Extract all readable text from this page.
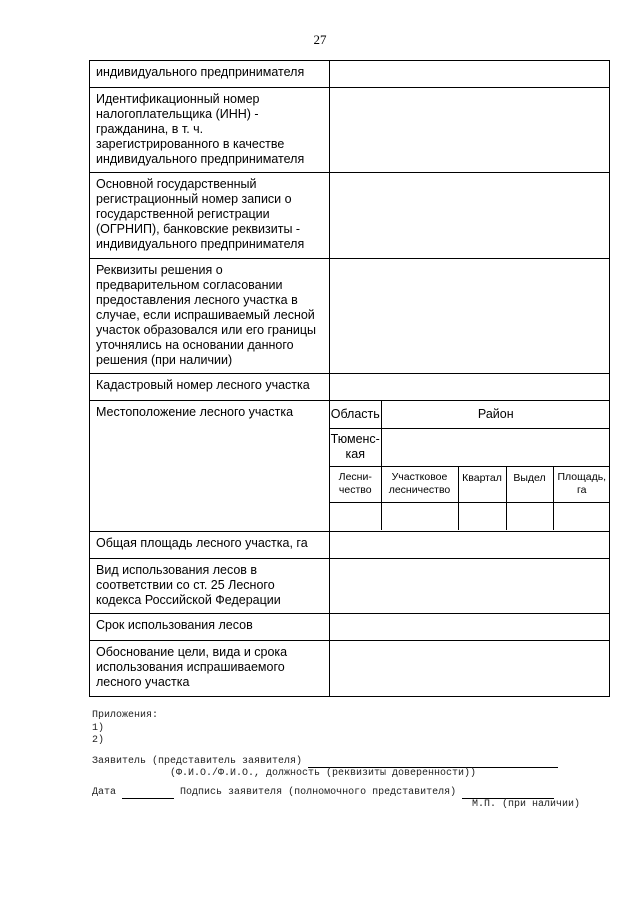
27
индивидуального предпринимателя	
Идентификационный номер налогоплательщика (ИНН) - гражданина, в т. ч. зарегистрированного в качестве индивидуального предпринимателя	
Основной государственный регистрационный номер записи о государственной регистрации (ОГРНИП), банковские реквизиты - индивидуального предпринимателя	
Реквизиты решения о предварительном согласовании предоставления лесного участка в случае, если испрашиваемый лесной участок образовался или его границы уточнялись на основании данного решения (при наличии)	
Кадастровый номер лесного участка	
Местоположение лесного участка		Область	Район
Тюменс-кая	
Лесни-чество	Участковое лесничество	Квартал	Выдел	Площадь, га

Общая площадь лесного участка, га	
Вид использования лесов в соответствии со ст. 25 Лесного кодекса Российской Федерации	
Срок использования лесов	
Обоснование цели, вида и срока использования испрашиваемого лесного участка	
Приложения:
1)
2)
Заявитель (представитель заявителя)
(Ф.И.О./Ф.И.О., должность (реквизиты доверенности))
Дата	Подпись заявителя (полномочного представителя)
М.П. (при наличии)
